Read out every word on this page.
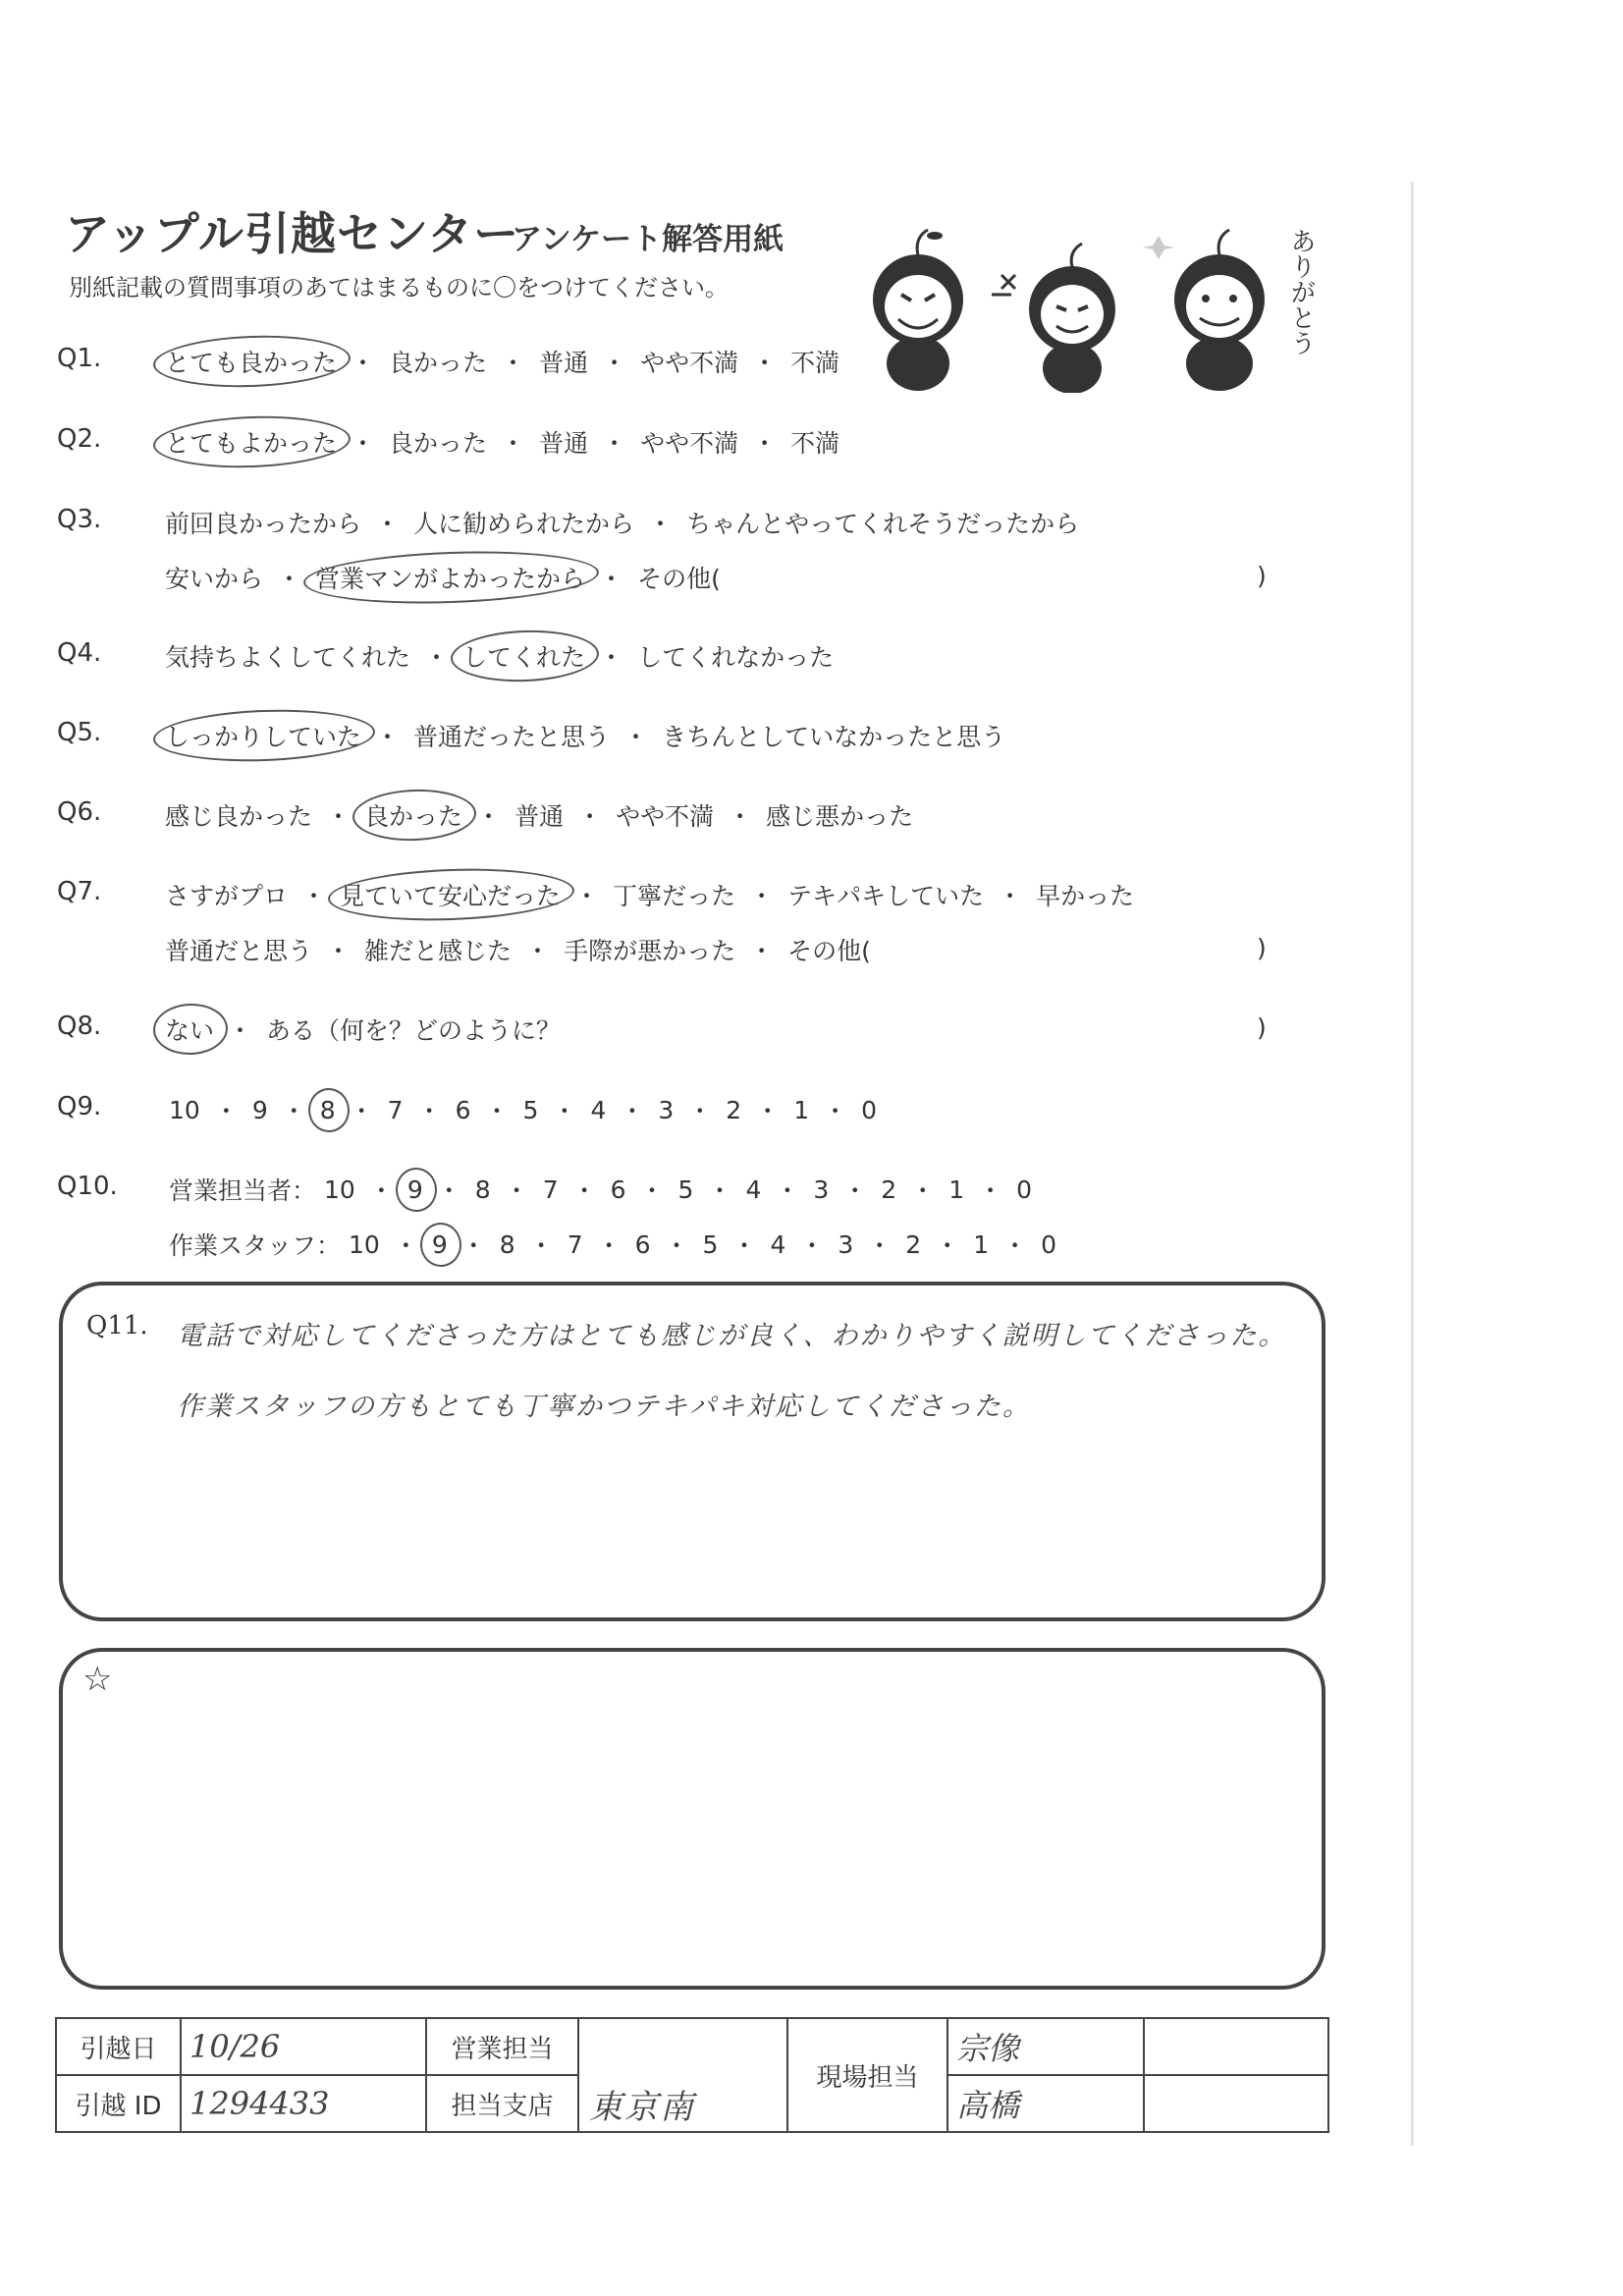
アップル引越センター
アンケート解答用紙
別紙記載の質問事項のあてはまるものに〇をつけてください。	ありがとう
Q1.	とても良かった ・ 良かった ・ 普通 ・ やや不満 ・ 不満
Q2.	とてもよかった ・ 良かった ・ 普通 ・ やや不満 ・ 不満
Q3.	前回良かったから ・ 人に勧められたから ・ ちゃんとやってくれそうだったから
安いから ・ 営業マンがよかったから ・ その他(	)
Q4.	気持ちよくしてくれた ・ してくれた ・ してくれなかった
Q5.	しっかりしていた ・ 普通だったと思う ・ きちんとしていなかったと思う
Q6.	感じ良かった ・ 良かった ・ 普通 ・ やや不満 ・ 感じ悪かった
Q7.	さすがプロ ・ 見ていて安心だった ・ 丁寧だった ・ テキパキしていた ・ 早かった
普通だと思う ・ 雑だと感じた ・ 手際が悪かった ・ その他(	)
Q8.	ない ・ ある（何を？どのように？	)
Q9.	10 ・ 9 ・ 8 ・ 7 ・ 6 ・ 5 ・ 4 ・ 3 ・ 2 ・ 1 ・ 0
Q10. 営業担当者： 10 ・ 9 ・ 8 ・ 7 ・ 6 ・ 5 ・ 4 ・ 3 ・ 2 ・ 1 ・ 0
作業スタッフ： 10 ・ 9 ・ 8 ・ 7 ・ 6 ・ 5 ・ 4 ・ 3 ・ 2 ・ 1 ・ 0
Q11. 電話で対応してくださった方はとても感じが良く、わかりやすく説明してくださった。
作業スタッフの方もとても丁寧かつテキパキ対応してくださった。
☆
引越日	10/26	営業担当		現場担当	宗像	
引越 ID	1294433	担当支店			高橋	
東京南
